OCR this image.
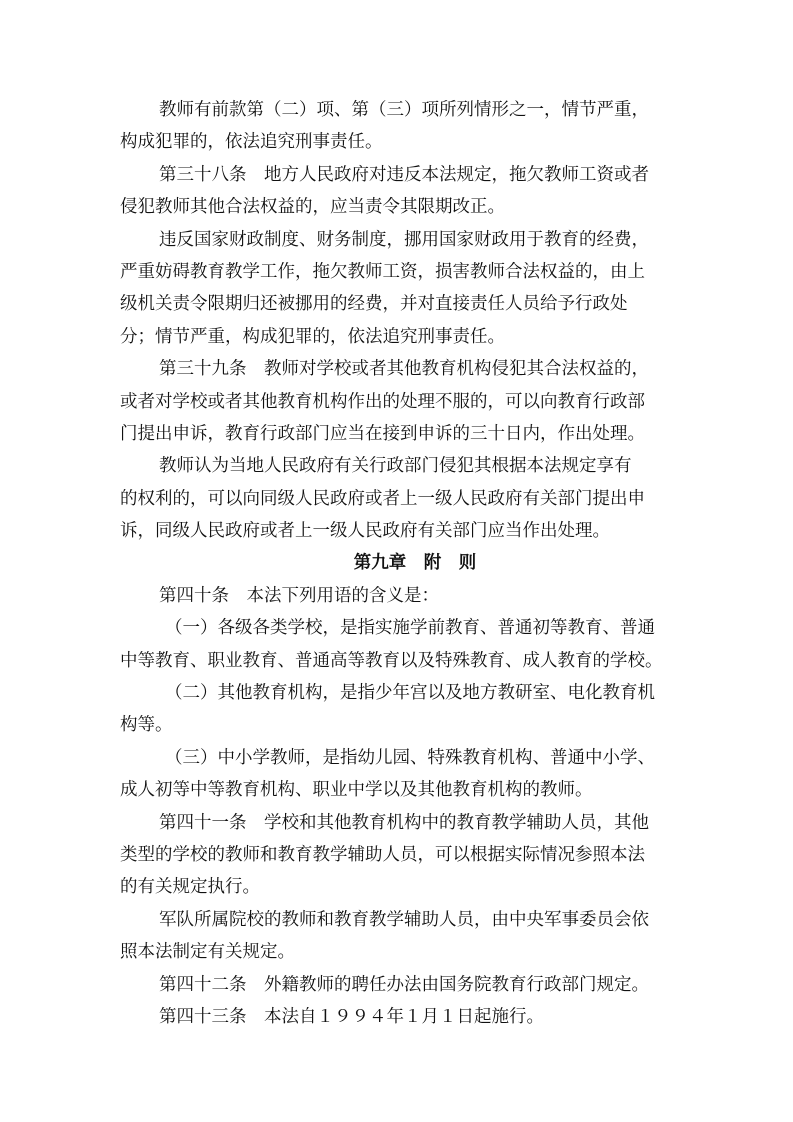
教师有前款第（二）项、第（三）项所列情形之一，情节严重，
构成犯罪的，依法追究刑事责任。
第三十八条　地方人民政府对违反本法规定，拖欠教师工资或者
侵犯教师其他合法权益的，应当责令其限期改正。
违反国家财政制度、财务制度，挪用国家财政用于教育的经费，
严重妨碍教育教学工作，拖欠教师工资，损害教师合法权益的，由上
级机关责令限期归还被挪用的经费，并对直接责任人员给予行政处
分；情节严重，构成犯罪的，依法追究刑事责任。
第三十九条　教师对学校或者其他教育机构侵犯其合法权益的，
或者对学校或者其他教育机构作出的处理不服的，可以向教育行政部
门提出申诉，教育行政部门应当在接到申诉的三十日内，作出处理。
教师认为当地人民政府有关行政部门侵犯其根据本法规定享有
的权利的，可以向同级人民政府或者上一级人民政府有关部门提出申
诉，同级人民政府或者上一级人民政府有关部门应当作出处理。
第九章　附　则
第四十条　本法下列用语的含义是：
（一）各级各类学校，是指实施学前教育、普通初等教育、普通
中等教育、职业教育、普通高等教育以及特殊教育、成人教育的学校。
（二）其他教育机构，是指少年宫以及地方教研室、电化教育机
构等。
（三）中小学教师，是指幼儿园、特殊教育机构、普通中小学、
成人初等中等教育机构、职业中学以及其他教育机构的教师。
第四十一条　学校和其他教育机构中的教育教学辅助人员，其他
类型的学校的教师和教育教学辅助人员，可以根据实际情况参照本法
的有关规定执行。
军队所属院校的教师和教育教学辅助人员，由中央军事委员会依
照本法制定有关规定。
第四十二条　外籍教师的聘任办法由国务院教育行政部门规定。
第四十三条　本法自１９９４年１月１日起施行。
